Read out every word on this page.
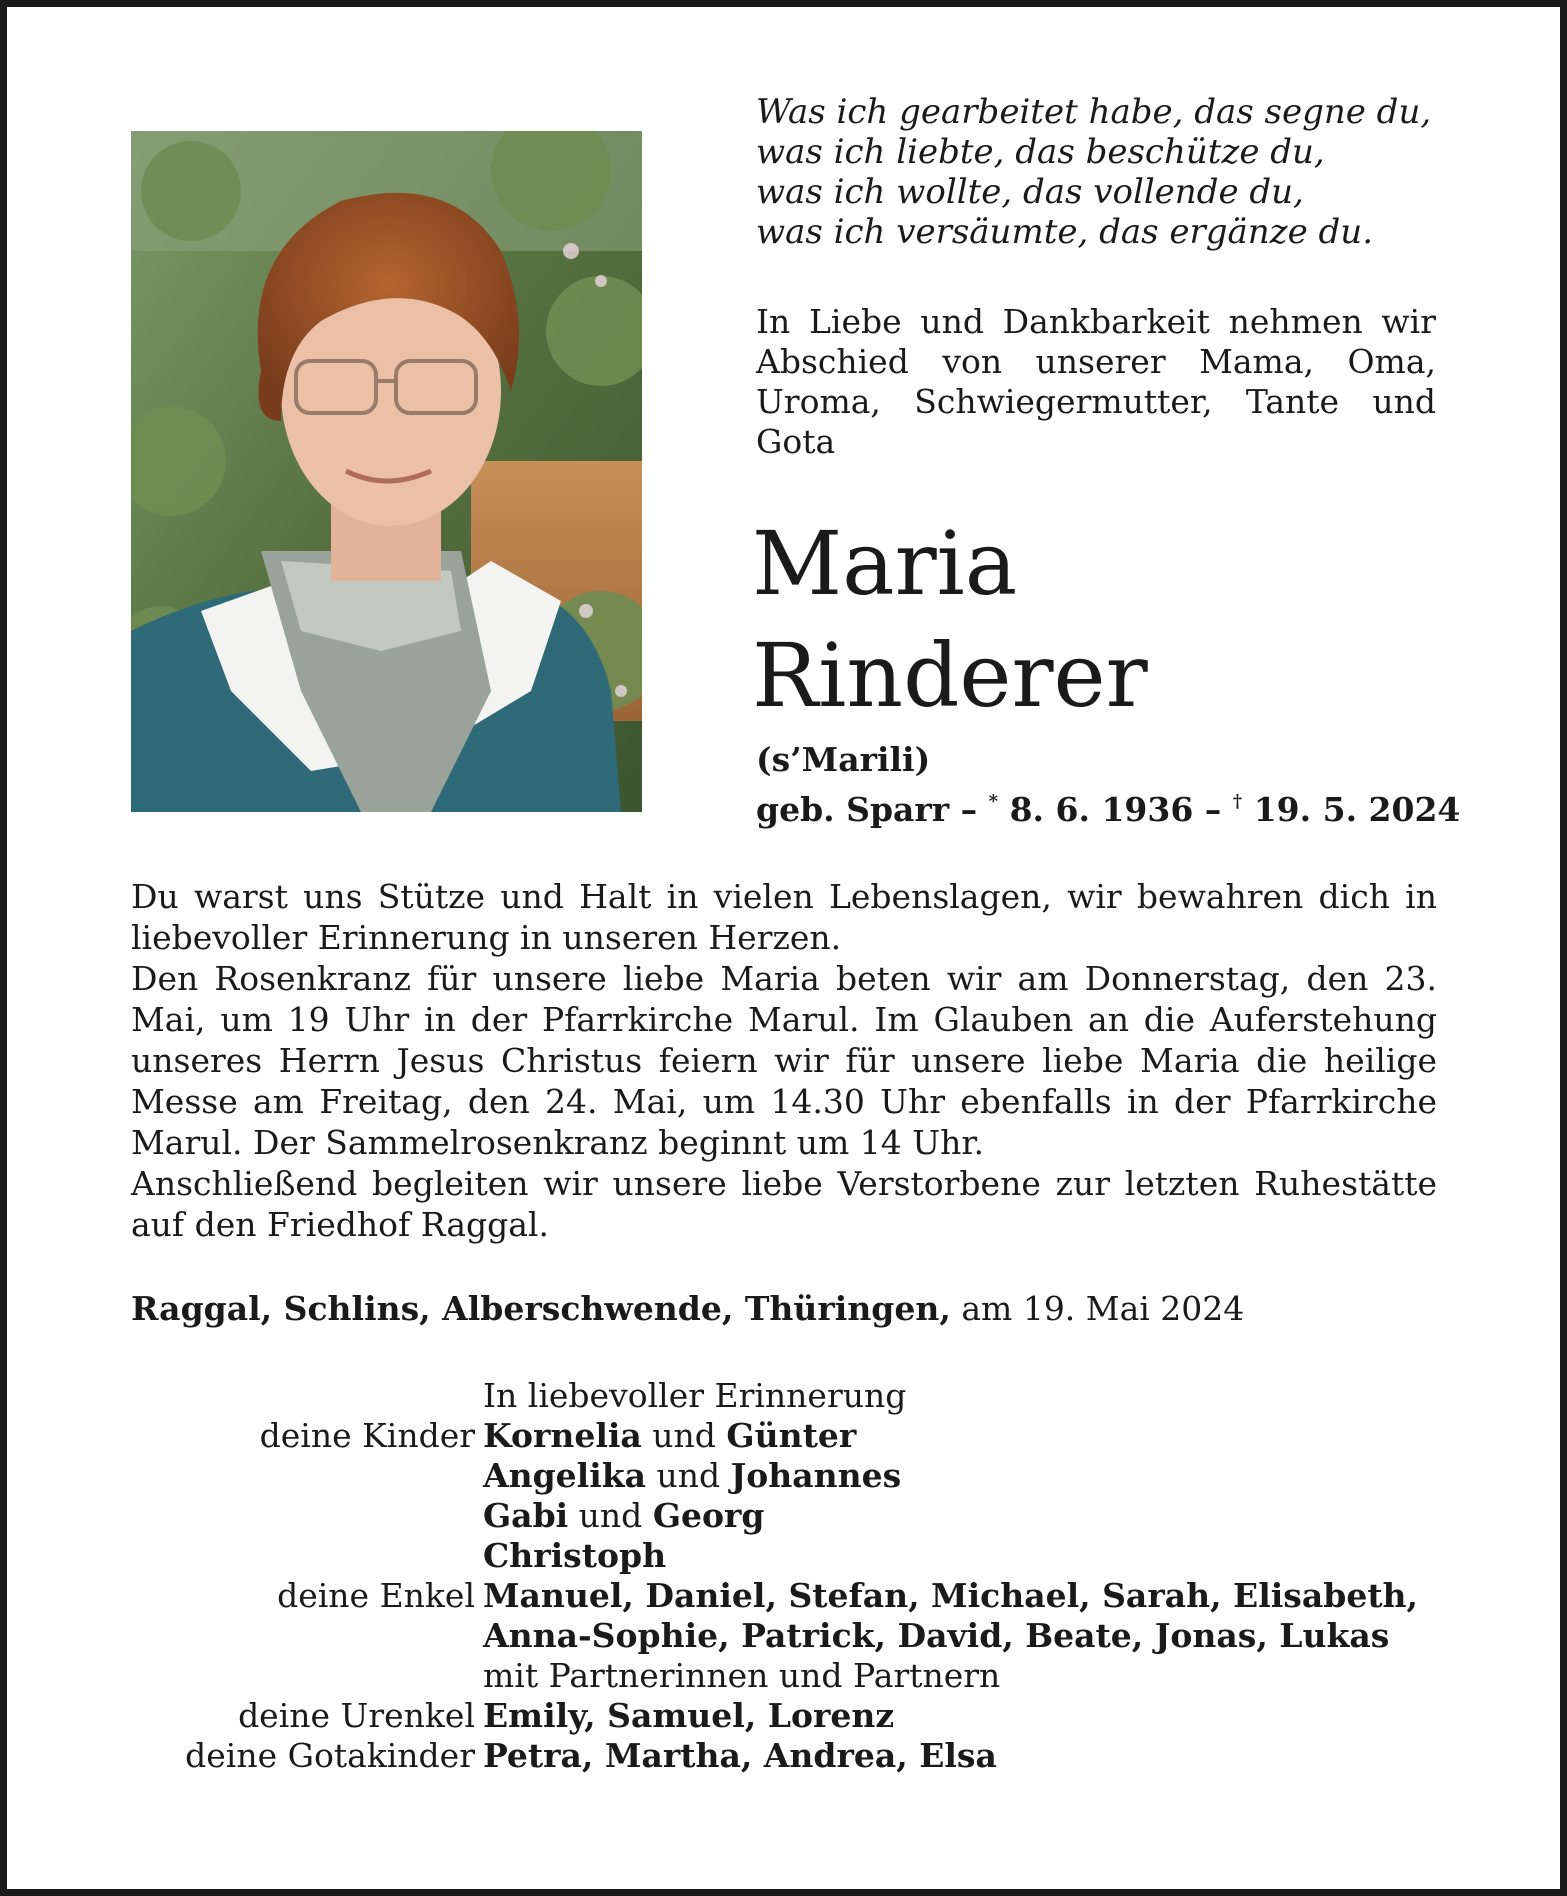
Was ich gearbeitet habe, das segne du,
was ich liebte, das beschütze du,
was ich wollte, das vollende du,
was ich versäumte, das ergänze du.

In Liebe und Dankbarkeit nehmen wir Abschied von unserer Mama, Oma, Uroma, Schwiegermutter, Tante und Gota

Maria
Rinderer

(s’Marili)

geb. Sparr – * 8. 6. 1936 – † 19. 5. 2024

Du warst uns Stütze und Halt in vielen Lebenslagen, wir bewahren dich in liebevoller Erinnerung in unseren Herzen.

Den Rosenkranz für unsere liebe Maria beten wir am Donnerstag, den 23. Mai, um 19 Uhr in der Pfarrkirche Marul. Im Glauben an die Auferstehung unseres Herrn Jesus Christus feiern wir für unsere liebe Maria die heilige Messe am Freitag, den 24. Mai, um 14.30 Uhr ebenfalls in der Pfarrkirche Marul. Der Sammelrosenkranz beginnt um 14 Uhr.

Anschließend begleiten wir unsere liebe Verstorbene zur letzten Ruhestätte auf den Friedhof Raggal.

Raggal, Schlins, Alberschwende, Thüringen, am 19. Mai 2024

In liebevoller Erinnerung
deine Kinder Kornelia und Günter
Angelika und Johannes
Gabi und Georg
Christoph
deine Enkel Manuel, Daniel, Stefan, Michael, Sarah, Elisabeth,
Anna-Sophie, Patrick, David, Beate, Jonas, Lukas
mit Partnerinnen und Partnern
deine Urenkel Emily, Samuel, Lorenz
deine Gotakinder Petra, Martha, Andrea, Elsa
